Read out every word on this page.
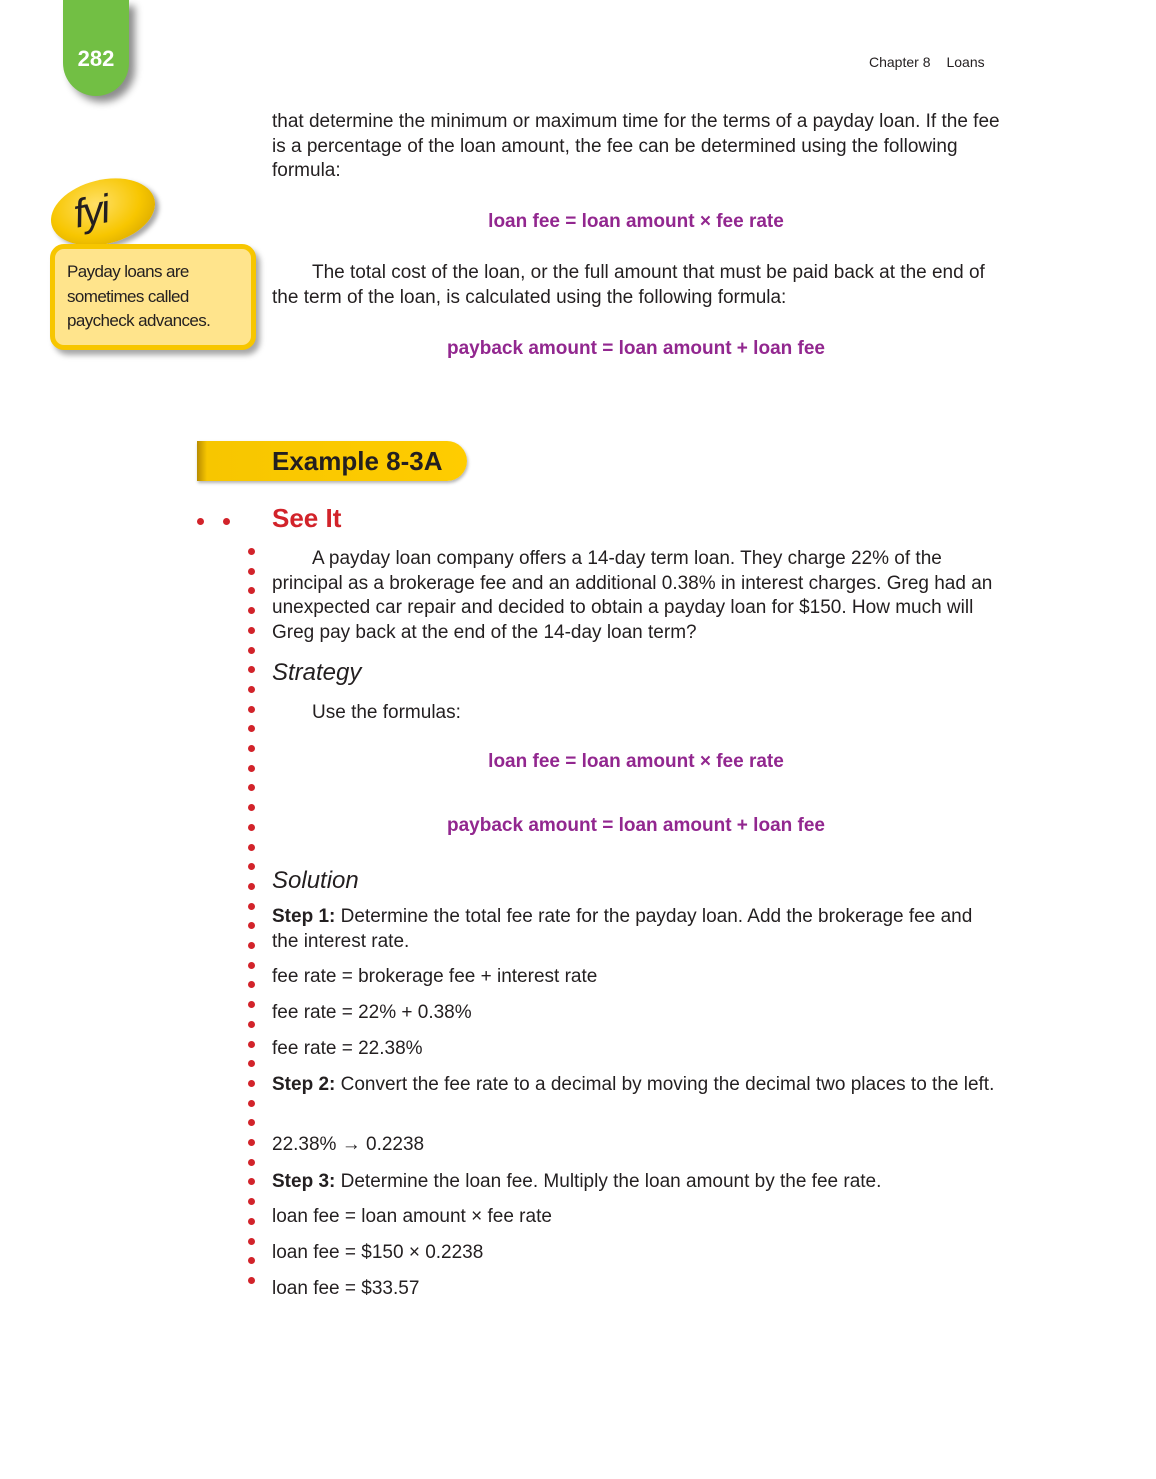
282	Chapter 8 Loans

that determine the minimum or maximum time for the terms of a payday loan. If the fee is a percentage of the loan amount, the fee can be determined using the following formula:

loan fee = loan amount × fee rate

The total cost of the loan, or the full amount that must be paid back at the end of the term of the loan, is calculated using the following formula:

payback amount = loan amount + loan fee
fyi
Payday loans are sometimes called paycheck advances.
Example 8-3A
See It

A payday loan company offers a 14-day term loan. They charge 22% of the principal as a brokerage fee and an additional 0.38% in interest charges. Greg had an unexpected car repair and decided to obtain a payday loan for $150. How much will Greg pay back at the end of the 14-day loan term?

Strategy
Use the formulas:
loan fee = loan amount × fee rate
payback amount = loan amount + loan fee
Solution

Step 1: Determine the total fee rate for the payday loan. Add the brokerage fee and the interest rate.

fee rate = brokerage fee + interest rate
fee rate = 22% + 0.38%
fee rate = 22.38%

Step 2: Convert the fee rate to a decimal by moving the decimal two places to the left.

22.38% → 0.2238

Step 3: Determine the loan fee. Multiply the loan amount by the fee rate.

loan fee = loan amount × fee rate
loan fee = $150 × 0.2238
loan fee = $33.57
